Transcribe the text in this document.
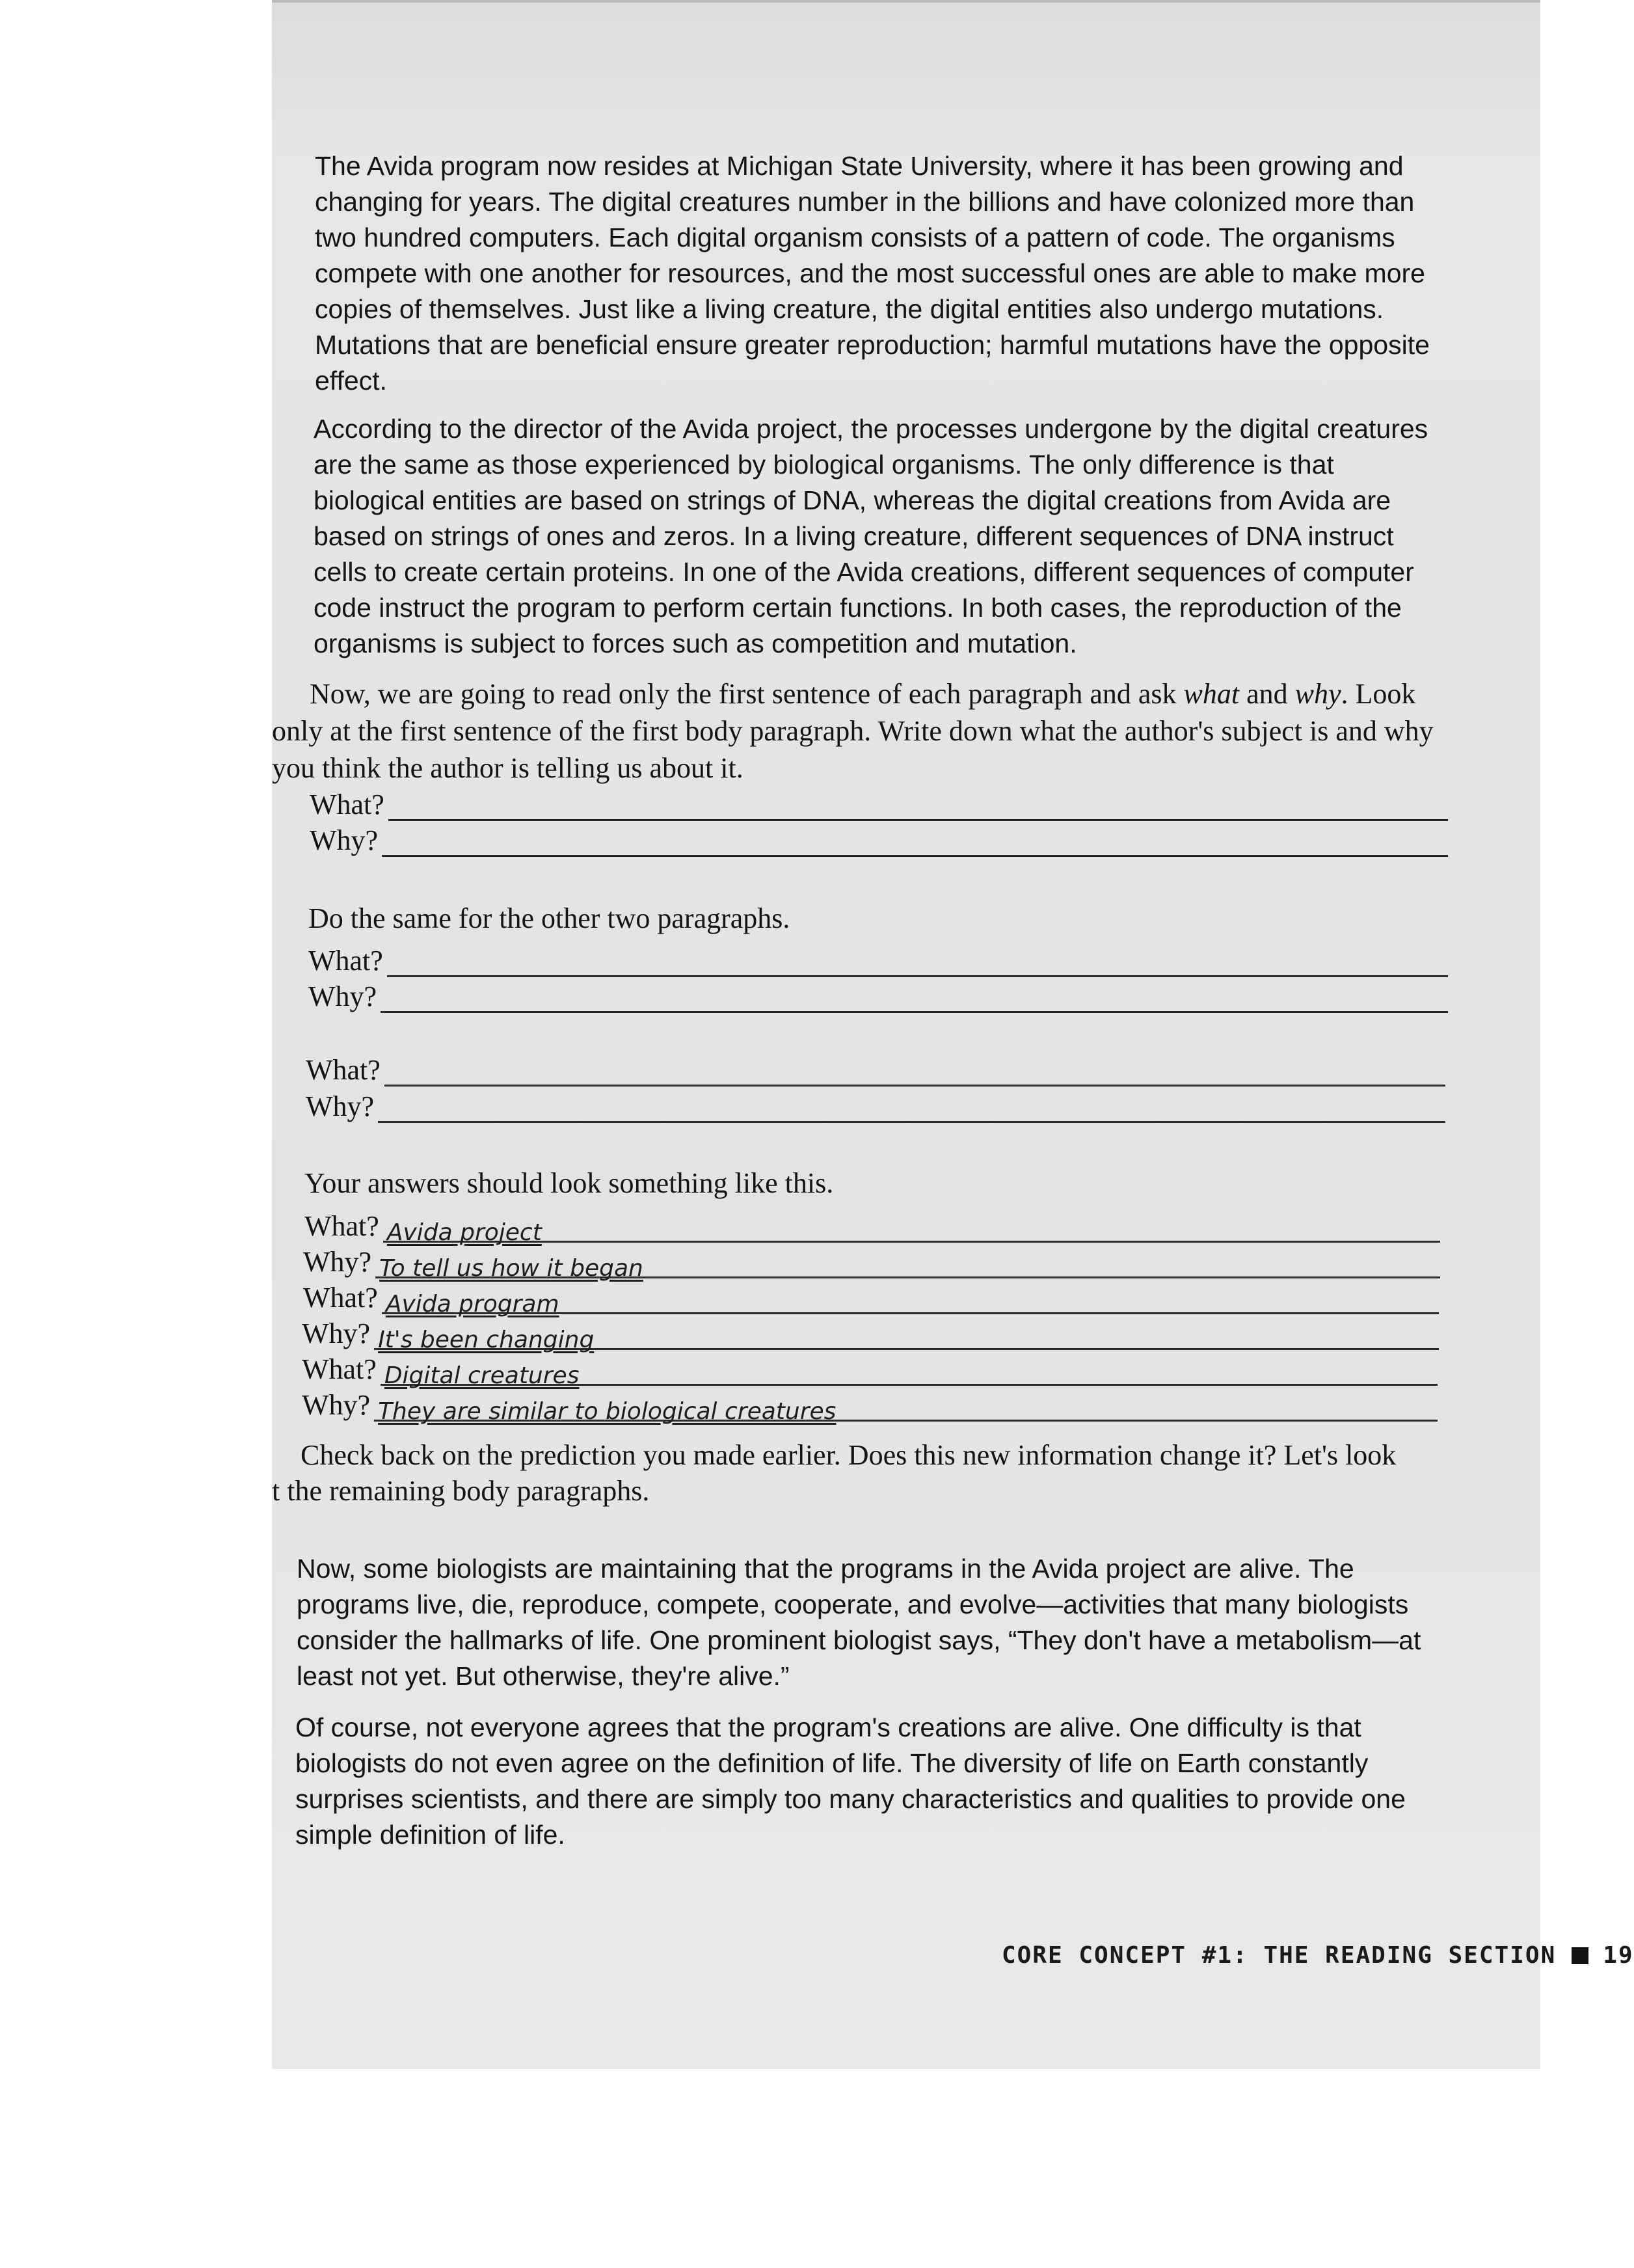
The Avida program now resides at Michigan State University, where it has been growing and changing for years. The digital creatures number in the billions and have colonized more than two hundred computers. Each digital organism consists of a pattern of code. The organisms compete with one another for resources, and the most successful ones are able to make more copies of themselves. Just like a living creature, the digital entities also undergo mutations. Mutations that are beneficial ensure greater reproduction; harmful mutations have the opposite effect.

According to the director of the Avida project, the processes undergone by the digital creatures are the same as those experienced by biological organisms. The only difference is that biological entities are based on strings of DNA, whereas the digital creations from Avida are based on strings of ones and zeros. In a living creature, different sequences of DNA instruct cells to create certain proteins. In one of the Avida creations, different sequences of computer code instruct the program to perform certain functions. In both cases, the reproduction of the organisms is subject to forces such as competition and mutation.

Now, we are going to read only the first sentence of each paragraph and ask what and why. Look only at the first sentence of the first body paragraph. Write down what the author's subject is and why you think the author is telling us about it.

What?
Why?

Do the same for the other two paragraphs.

What?
Why?
What?
Why?

Your answers should look something like this.

What? Avida project
Why? To tell us how it began
What? Avida program
Why? It's been changing
What? Digital creatures
Why? They are similar to biological creatures

Check back on the prediction you made earlier. Does this new information change it? Let's look

t the remaining body paragraphs.

Now, some biologists are maintaining that the programs in the Avida project are alive. The programs live, die, reproduce, compete, cooperate, and evolve—activities that many biologists consider the hallmarks of life. One prominent biologist says, “They don't have a metabolism—at least not yet. But otherwise, they're alive.”

Of course, not everyone agrees that the program's creations are alive. One difficulty is that biologists do not even agree on the definition of life. The diversity of life on Earth constantly surprises scientists, and there are simply too many characteristics and qualities to provide one simple definition of life.

CORE CONCEPT #1: THE READING SECTION 19
